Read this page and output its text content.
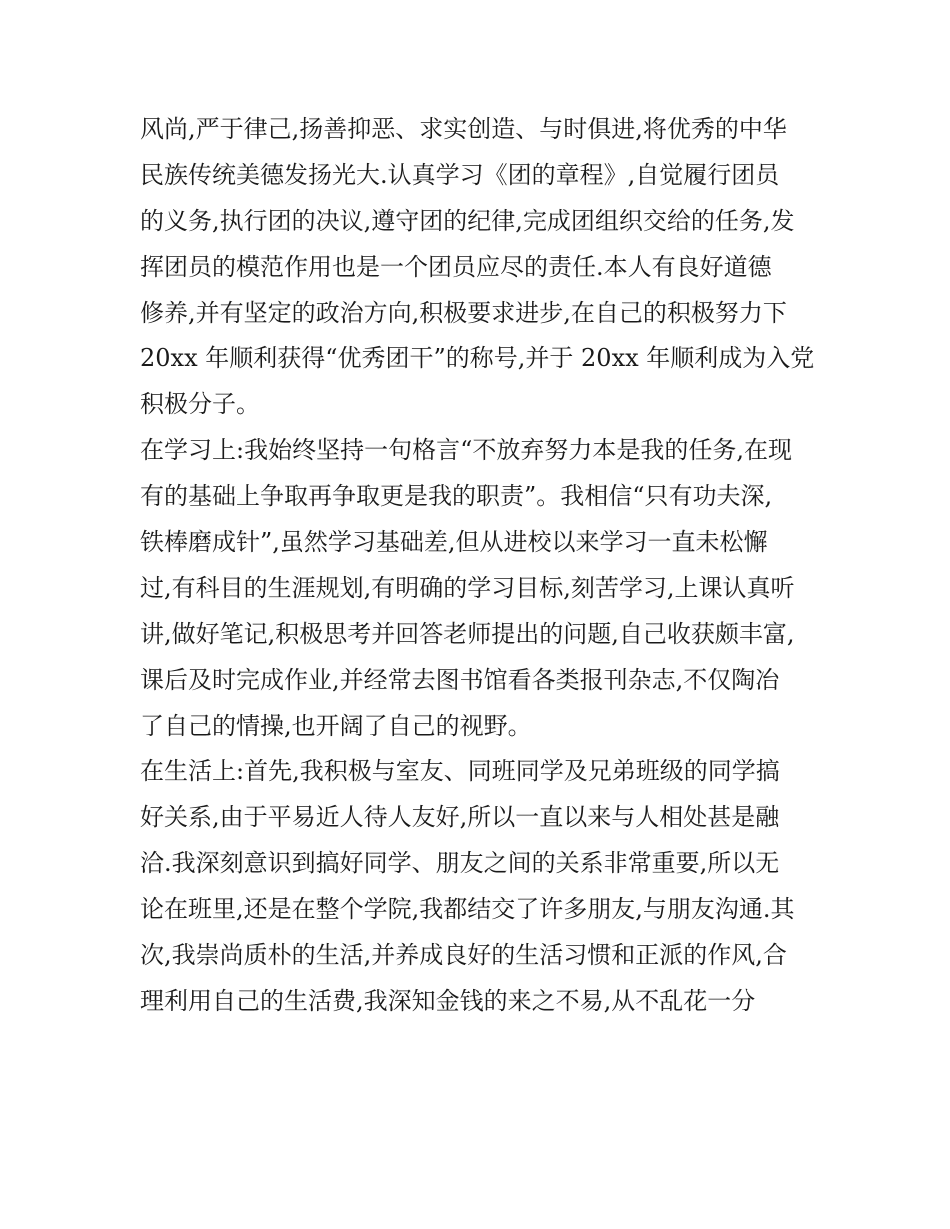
风尚,严于律己,扬善抑恶、求实创造、与时俱进,将优秀的中华
民族传统美德发扬光大.认真学习《团的章程》,自觉履行团员
的义务,执行团的决议,遵守团的纪律,完成团组织交给的任务,发
挥团员的模范作用也是一个团员应尽的责任.本人有良好道德
修养,并有坚定的政治方向,积极要求进步,在自己的积极努力下
20xx 年顺利获得“优秀团干”的称号,并于 20xx 年顺利成为入党
积极分子。
在学习上:我始终坚持一句格言“不放弃努力本是我的任务,在现
有的基础上争取再争取更是我的职责”。我相信“只有功夫深,
铁棒磨成针”,虽然学习基础差,但从进校以来学习一直未松懈
过,有科目的生涯规划,有明确的学习目标,刻苦学习,上课认真听
讲,做好笔记,积极思考并回答老师提出的问题,自己收获颇丰富,
课后及时完成作业,并经常去图书馆看各类报刊杂志,不仅陶冶
了自己的情操,也开阔了自己的视野。
在生活上:首先,我积极与室友、同班同学及兄弟班级的同学搞
好关系,由于平易近人待人友好,所以一直以来与人相处甚是融
洽.我深刻意识到搞好同学、朋友之间的关系非常重要,所以无
论在班里,还是在整个学院,我都结交了许多朋友,与朋友沟通.其
次,我崇尚质朴的生活,并养成良好的生活习惯和正派的作风,合
理利用自己的生活费,我深知金钱的来之不易,从不乱花一分
